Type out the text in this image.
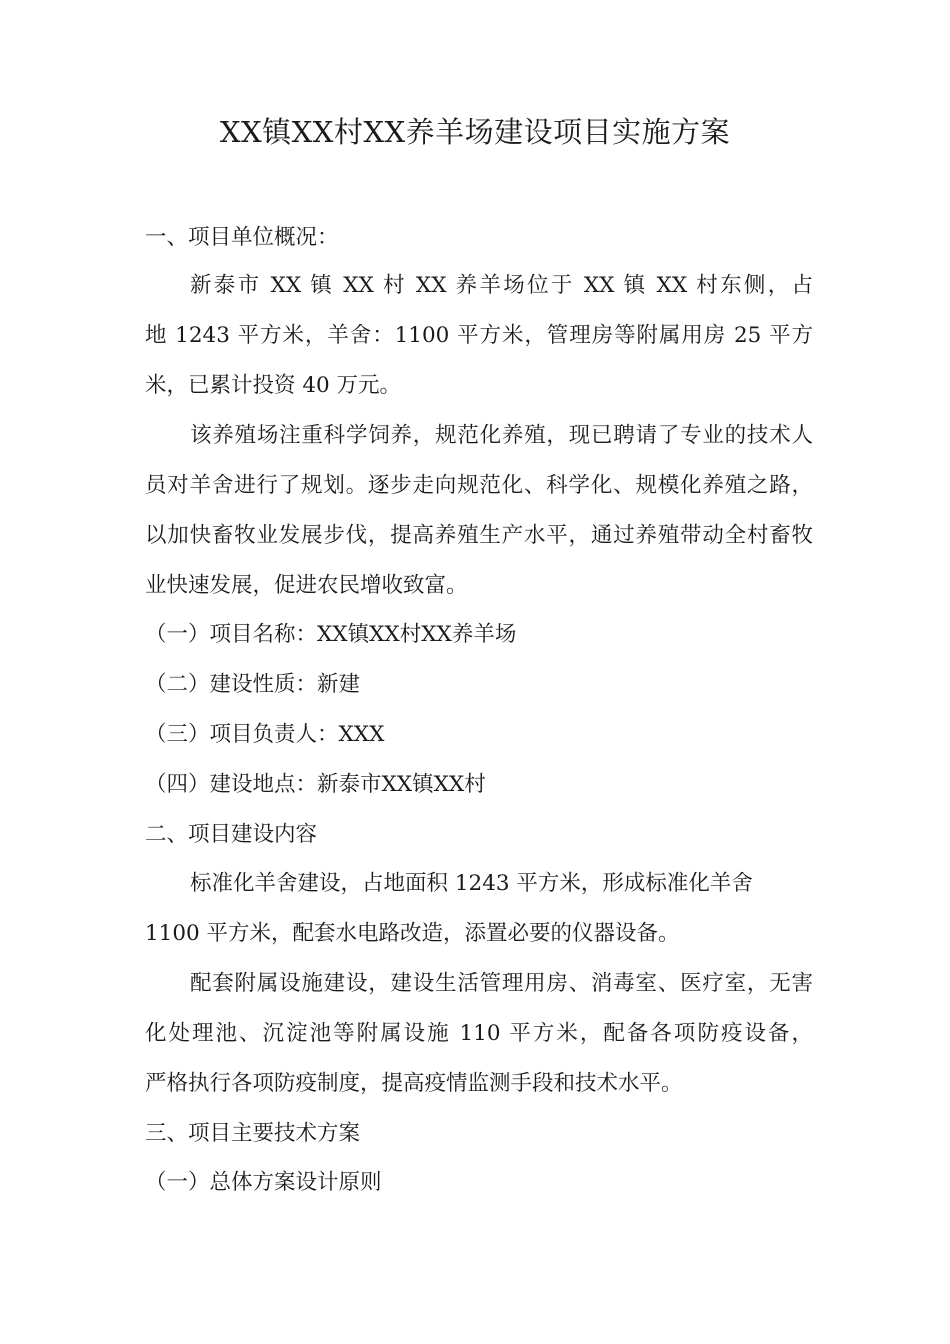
XX镇XX村XX养羊场建设项目实施方案
一、项目单位概况：
新泰市 XX 镇 XX 村 XX 养羊场位于 XX 镇 XX 村东侧，占
地 1243 平方米，羊舍：1100 平方米，管理房等附属用房 25 平方
米，已累计投资 40 万元。
该养殖场注重科学饲养，规范化养殖，现已聘请了专业的技术人
员对羊舍进行了规划。逐步走向规范化、科学化、规模化养殖之路，
以加快畜牧业发展步伐，提高养殖生产水平，通过养殖带动全村畜牧
业快速发展，促进农民增收致富。
（一）项目名称：XX镇XX村XX养羊场
（二）建设性质：新建
（三）项目负责人：XXX
（四）建设地点：新泰市XX镇XX村
二、项目建设内容
标准化羊舍建设，占地面积 1243 平方米，形成标准化羊舍
1100 平方米，配套水电路改造，添置必要的仪器设备。
配套附属设施建设，建设生活管理用房、消毒室、医疗室，无害
化处理池、沉淀池等附属设施 110 平方米，配备各项防疫设备，
严格执行各项防疫制度，提高疫情监测手段和技术水平。
三、项目主要技术方案
（一）总体方案设计原则
